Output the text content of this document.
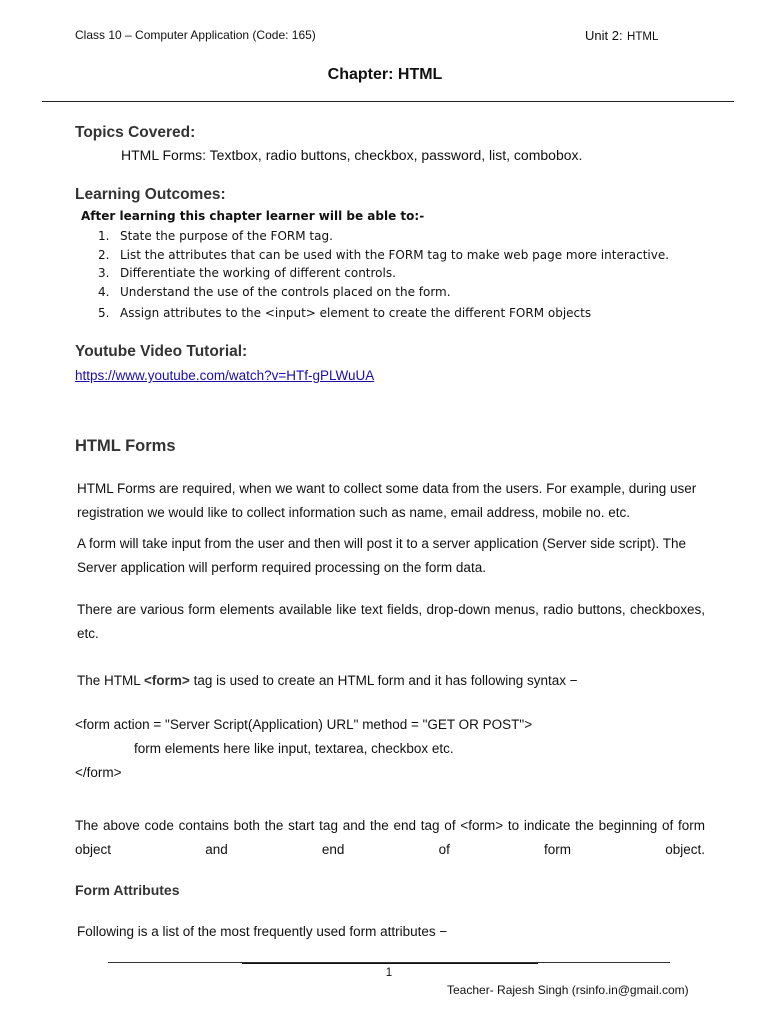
Class 10 – Computer Application (Code: 165)	Unit 2: HTML
Chapter: HTML
Topics Covered:
HTML Forms: Textbox, radio buttons, checkbox, password, list, combobox.
Learning Outcomes:
After learning this chapter learner will be able to:-
1. State the purpose of the FORM tag.
2. List the attributes that can be used with the FORM tag to make web page more interactive.
3. Differentiate the working of different controls.
4. Understand the use of the controls placed on the form.
5. Assign attributes to the <input> element to create the different FORM objects
Youtube Video Tutorial:
https://www.youtube.com/watch?v=HTf-gPLWuUA
HTML Forms
HTML Forms are required, when we want to collect some data from the users. For example, during user registration we would like to collect information such as name, email address, mobile no. etc.
A form will take input from the user and then will post it to a server application (Server side script). The Server application will perform required processing on the form data.
There are various form elements available like text fields, drop-down menus, radio buttons, checkboxes, etc.
The HTML <form> tag is used to create an HTML form and it has following syntax −
<form action = "Server Script(Application) URL" method = "GET OR POST">
form elements here like input, textarea, checkbox etc.
</form>
The above code contains both the start tag and the end tag of <form> to indicate the beginning of form object and end of form object.
Form Attributes
Following is a list of the most frequently used form attributes −
1
Teacher- Rajesh Singh (rsinfo.in@gmail.com)
